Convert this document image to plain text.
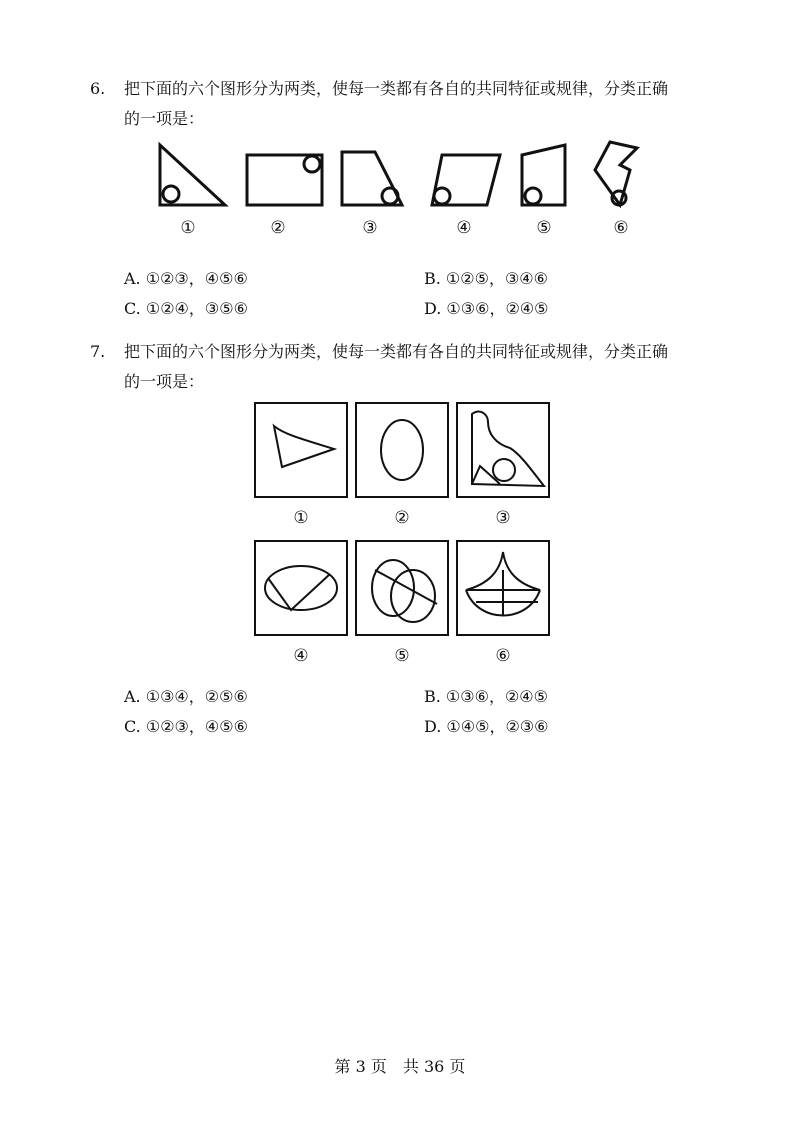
6. 把下面的六个图形分为两类，使每一类都有各自的共同特征或规律，分类正确
的一项是：
①	②	③	④	⑤	⑥
A. ①②③，④⑤⑥	B. ①②⑤，③④⑥
C. ①②④，③⑤⑥	D. ①③⑥，②④⑤
7. 把下面的六个图形分为两类，使每一类都有各自的共同特征或规律，分类正确
的一项是：
①	②	③
④	⑤	⑥
A. ①③④，②⑤⑥	B. ①③⑥，②④⑤
C. ①②③，④⑤⑥	D. ①④⑤，②③⑥
第 3 页　共 36 页
